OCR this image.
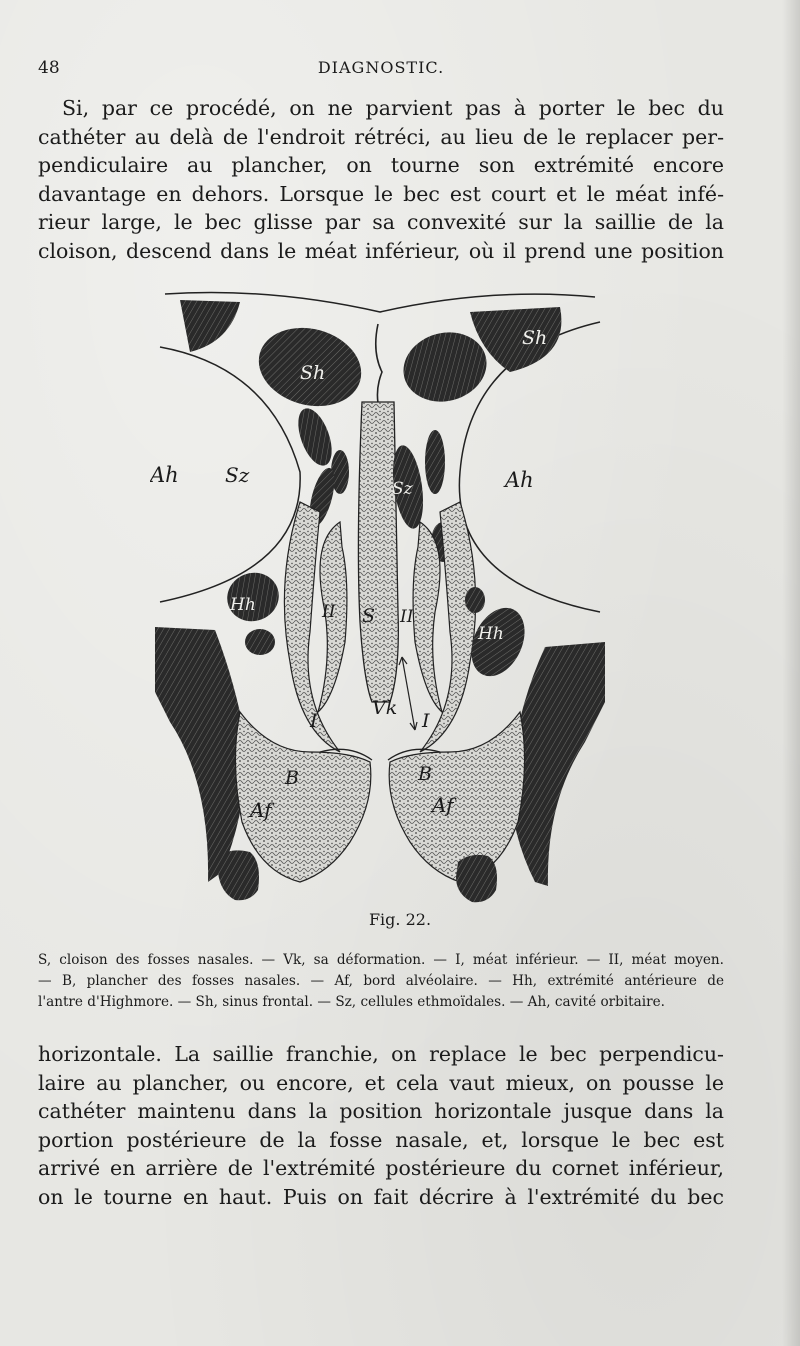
48	DIAGNOSTIC.
Si, par ce procédé, on ne parvient pas à porter le bec du
cathéter au delà de l'endroit rétréci, au lieu de le replacer per-
pendiculaire au plancher, on tourne son extrémité encore
davantage en dehors. Lorsque le bec est court et le méat infé-
rieur large, le bec glisse par sa convexité sur la saillie de la
cloison, descend dans le méat inférieur, où il prend une position
Sh
Sh
Ah	Ah
Sz
Sz
Hh
Hh
S
II	II
I	I
Vk
B	B
Af	Af
Fig. 22.
S, cloison des fosses nasales. — Vk, sa déformation. — I, méat inférieur. — II, méat moyen.
— B, plancher des fosses nasales. — Af, bord alvéolaire. — Hh, extrémité antérieure de
l'antre d'Highmore. — Sh, sinus frontal. — Sz, cellules ethmoïdales. — Ah, cavité orbitaire.
horizontale. La saillie franchie, on replace le bec perpendicu-
laire au plancher, ou encore, et cela vaut mieux, on pousse le
cathéter maintenu dans la position horizontale jusque dans la
portion postérieure de la fosse nasale, et, lorsque le bec est
arrivé en arrière de l'extrémité postérieure du cornet inférieur,
on le tourne en haut. Puis on fait décrire à l'extrémité du bec
